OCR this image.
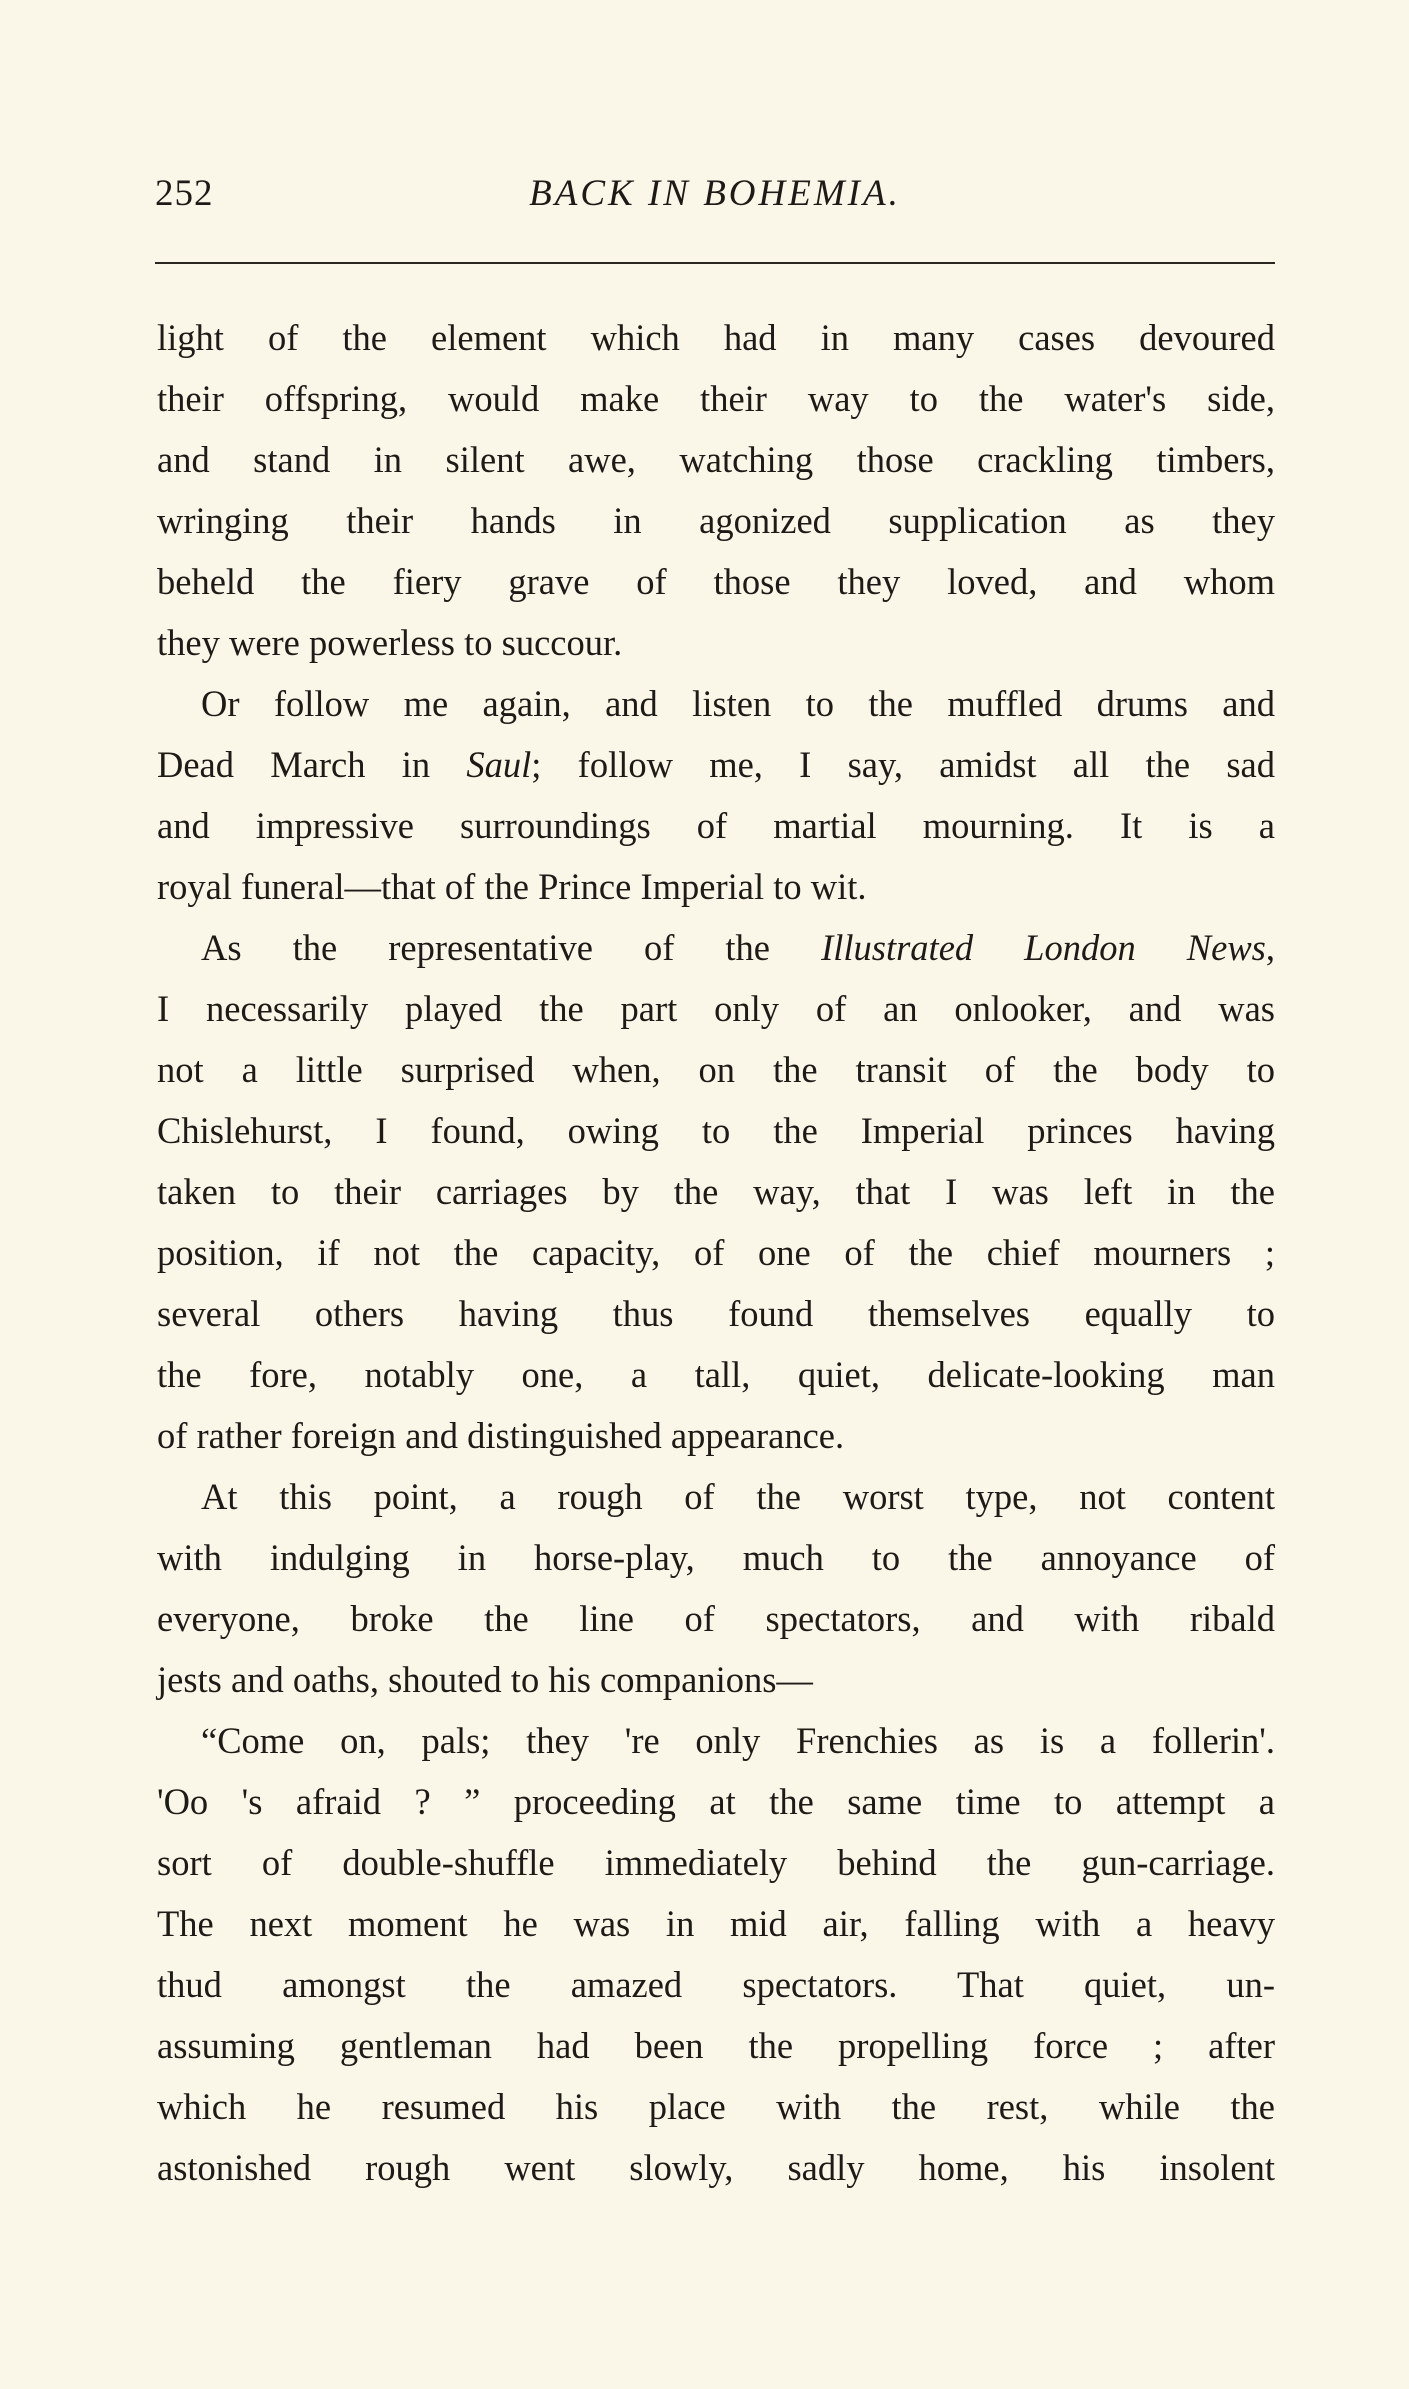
252	BACK IN BOHEMIA.
light of the element which had in many cases devoured
their offspring, would make their way to the water's side,
and stand in silent awe, watching those crackling timbers,
wringing their hands in agonized supplication as they
beheld the fiery grave of those they loved, and whom
they were powerless to succour.
Or follow me again, and listen to the muffled drums and
Dead March in Saul; follow me, I say, amidst all the sad
and impressive surroundings of martial mourning. It is a
royal funeral—that of the Prince Imperial to wit.
As the representative of the Illustrated London News,
I necessarily played the part only of an onlooker, and was
not a little surprised when, on the transit of the body to
Chislehurst, I found, owing to the Imperial princes having
taken to their carriages by the way, that I was left in the
position, if not the capacity, of one of the chief mourners ;
several others having thus found themselves equally to
the fore, notably one, a tall, quiet, delicate-looking man
of rather foreign and distinguished appearance.
At this point, a rough of the worst type, not content
with indulging in horse-play, much to the annoyance of
everyone, broke the line of spectators, and with ribald
jests and oaths, shouted to his companions—
“Come on, pals; they 're only Frenchies as is a follerin'.
'Oo 's afraid ? ” proceeding at the same time to attempt a
sort of double-shuffle immediately behind the gun-carriage.
The next moment he was in mid air, falling with a heavy
thud amongst the amazed spectators. That quiet, un-
assuming gentleman had been the propelling force ; after
which he resumed his place with the rest, while the
astonished rough went slowly, sadly home, his insolent
